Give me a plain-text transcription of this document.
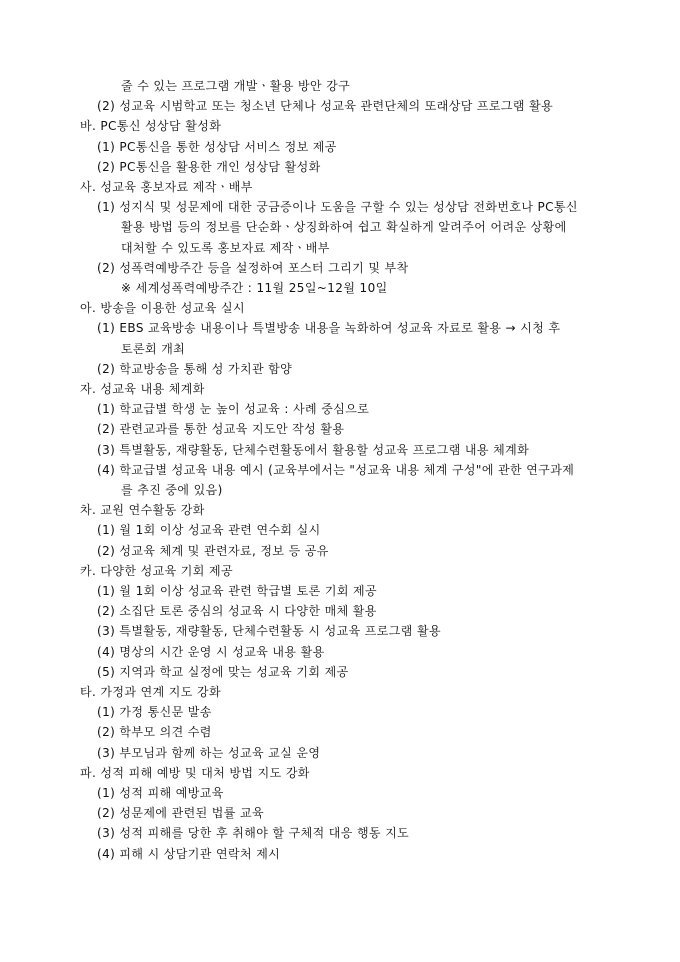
줄 수 있는 프로그램 개발ㆍ활용 방안 강구
(2) 성교육 시범학교 또는 청소년 단체나 성교육 관련단체의 또래상담 프로그램 활용
바. PC통신 성상담 활성화
(1) PC통신을 통한 성상담 서비스 정보 제공
(2) PC통신을 활용한 개인 성상담 활성화
사. 성교육 홍보자료 제작ㆍ배부
(1) 성지식 및 성문제에 대한 궁금증이나 도움을 구할 수 있는 성상담 전화번호나 PC통신
활용 방법 등의 정보를 단순화ㆍ상징화하여 쉽고 확실하게 알려주어 어려운 상황에
대처할 수 있도록 홍보자료 제작ㆍ배부
(2) 성폭력예방주간 등을 설정하여 포스터 그리기 및 부착
※ 세계성폭력예방주간 : 11월 25일~12월 10일
아. 방송을 이용한 성교육 실시
(1) EBS 교육방송 내용이나 특별방송 내용을 녹화하여 성교육 자료로 활용 → 시청 후
토론회 개최
(2) 학교방송을 통해 성 가치관 함양
자. 성교육 내용 체계화
(1) 학교급별 학생 눈 높이 성교육 : 사례 중심으로
(2) 관련교과를 통한 성교육 지도안 작성 활용
(3) 특별활동, 재량활동, 단체수련활동에서 활용할 성교육 프로그램 내용 체계화
(4) 학교급별 성교육 내용 예시 (교육부에서는 "성교육 내용 체계 구성"에 관한 연구과제
를 추진 중에 있음)
차. 교원 연수활동 강화
(1) 월 1회 이상 성교육 관련 연수회 실시
(2) 성교육 체계 및 관련자료, 정보 등 공유
카. 다양한 성교육 기회 제공
(1) 월 1회 이상 성교육 관련 학급별 토론 기회 제공
(2) 소집단 토론 중심의 성교육 시 다양한 매체 활용
(3) 특별활동, 재량활동, 단체수련활동 시 성교육 프로그램 활용
(4) 명상의 시간 운영 시 성교육 내용 활용
(5) 지역과 학교 실정에 맞는 성교육 기회 제공
타. 가정과 연계 지도 강화
(1) 가정 통신문 발송
(2) 학부모 의견 수렴
(3) 부모님과 함께 하는 성교육 교실 운영
파. 성적 피해 예방 및 대처 방법 지도 강화
(1) 성적 피해 예방교육
(2) 성문제에 관련된 법률 교육
(3) 성적 피해를 당한 후 취해야 할 구체적 대응 행동 지도
(4) 피해 시 상담기관 연락처 제시
